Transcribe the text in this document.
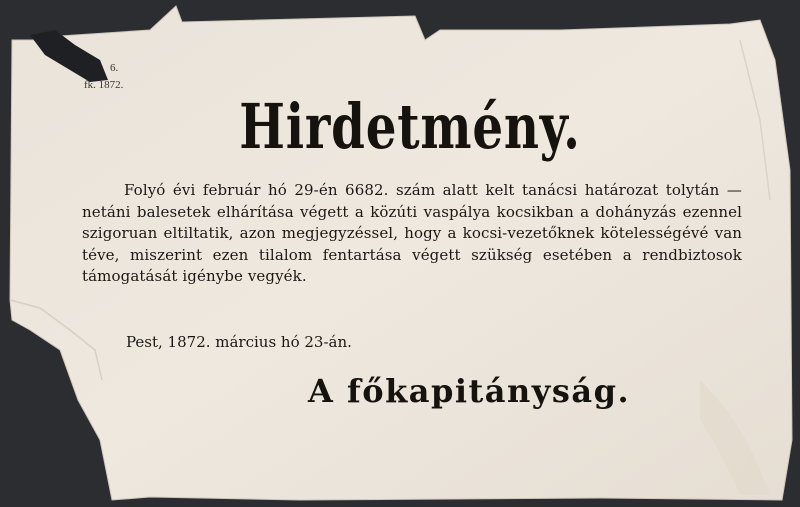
6.
fk. 1872.
Hirdetmény.
Folyó évi február hó 29-én 6682. szám alatt kelt tanácsi határozat tolytán — netáni balesetek elhárítása végett a közúti vaspálya kocsikban a dohányzás ezennel szigoruan eltiltatik, azon megjegyzéssel, hogy a kocsi-vezetőknek kötelességévé van téve, miszerint ezen tilalom fentartása végett szükség esetében a rendbiztosok támogatását igénybe vegyék.
Pest, 1872. március hó 23-án.
A főkapitányság.
